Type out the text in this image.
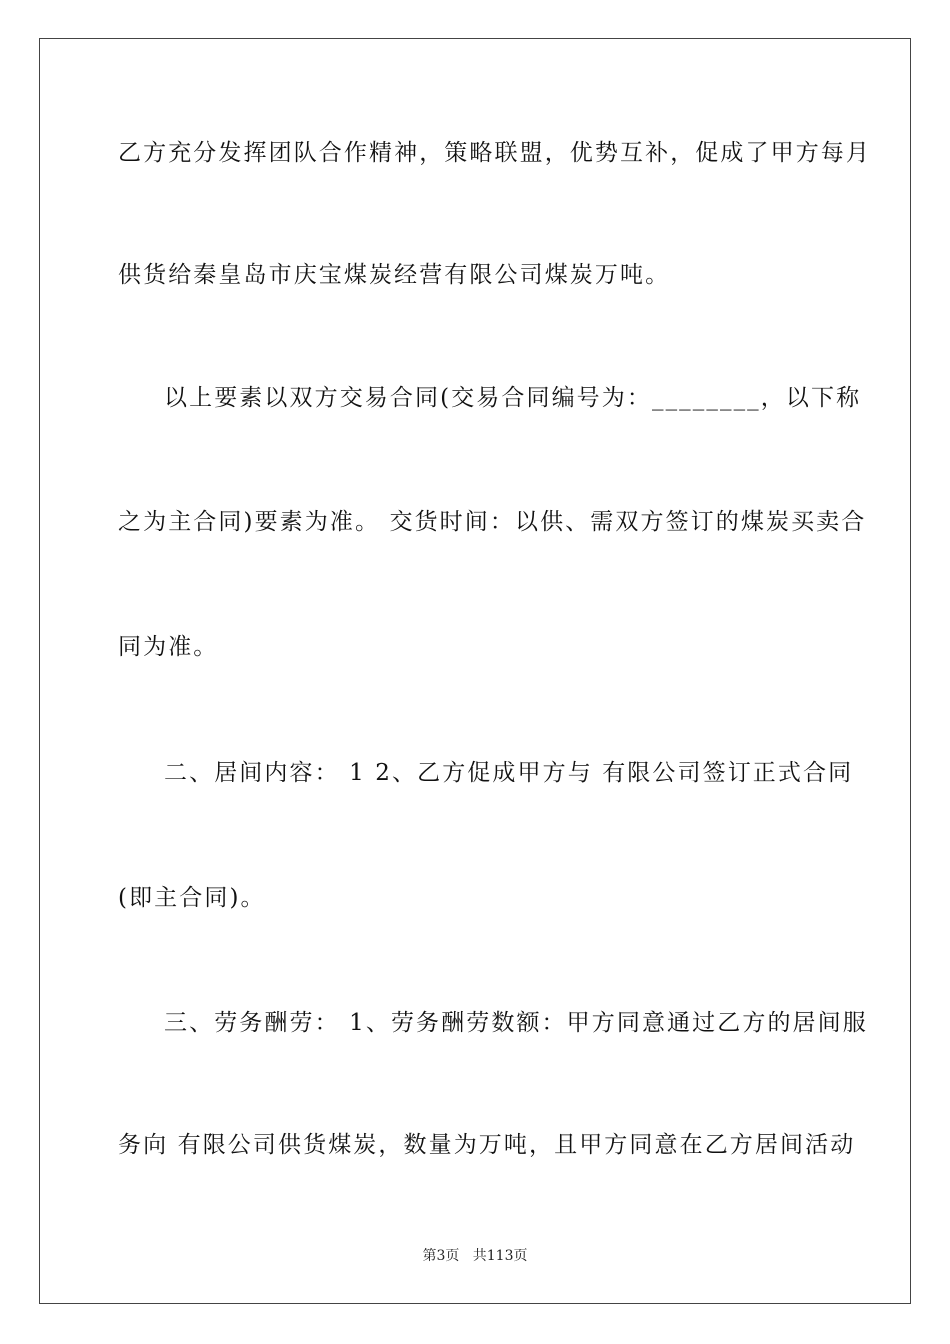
乙方充分发挥团队合作精神，策略联盟，优势互补，促成了甲方每月
供货给秦皇岛市庆宝煤炭经营有限公司煤炭万吨。
以上要素以双方交易合同(交易合同编号为：________，以下称
之为主合同)要素为准。 交货时间：以供、需双方签订的煤炭买卖合
同为准。
二、居间内容： 1 2、乙方促成甲方与 有限公司签订正式合同
(即主合同)。
三、劳务酬劳： 1、劳务酬劳数额：甲方同意通过乙方的居间服
务向 有限公司供货煤炭，数量为万吨，且甲方同意在乙方居间活动
第3页   共113页
